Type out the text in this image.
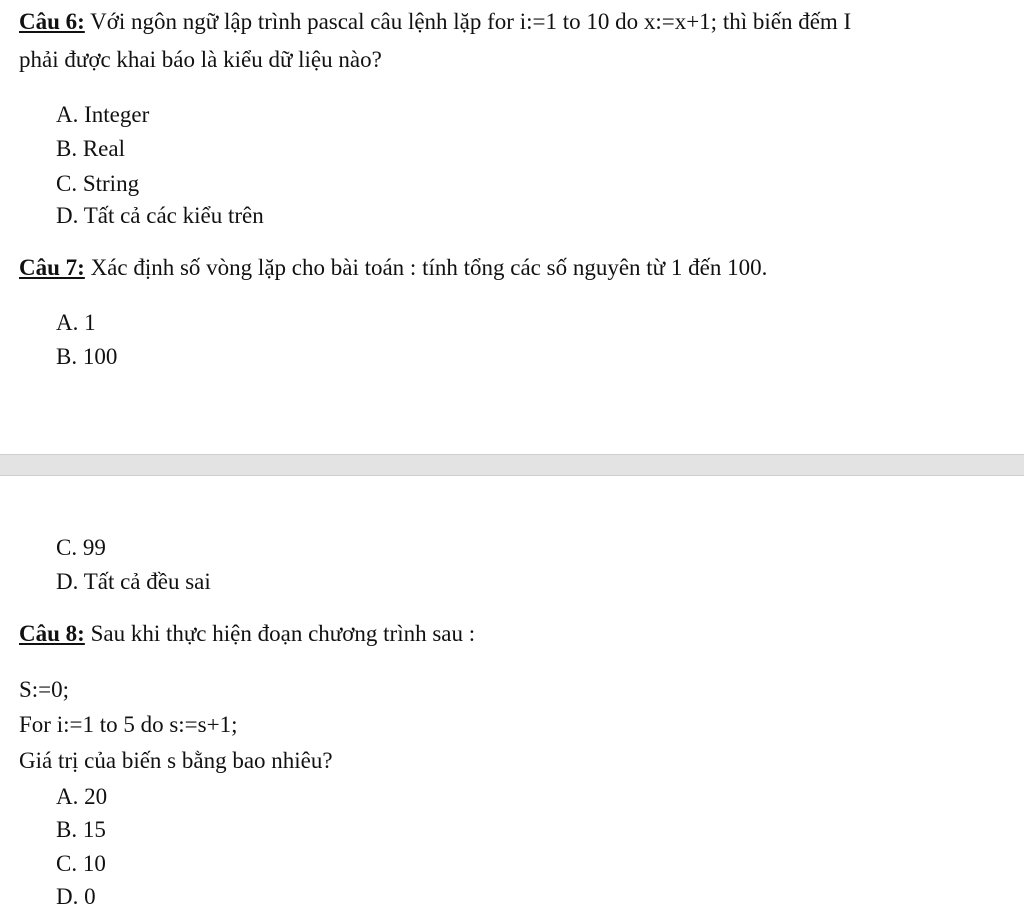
Câu 6: Với ngôn ngữ lập trình pascal câu lệnh lặp for i:=1 to 10 do x:=x+1; thì biến đếm I
phải được khai báo là kiểu dữ liệu nào?
A. Integer
B. Real
C. String
D. Tất cả các kiểu trên
Câu 7: Xác định số vòng lặp cho bài toán : tính tổng các số nguyên từ 1 đến 100.
A. 1
B. 100
C. 99
D. Tất cả đều sai
Câu 8: Sau khi thực hiện đoạn chương trình sau :
S:=0;
For i:=1 to 5 do s:=s+1;
Giá trị của biến s bằng bao nhiêu?
A. 20
B. 15
C. 10
D. 0
